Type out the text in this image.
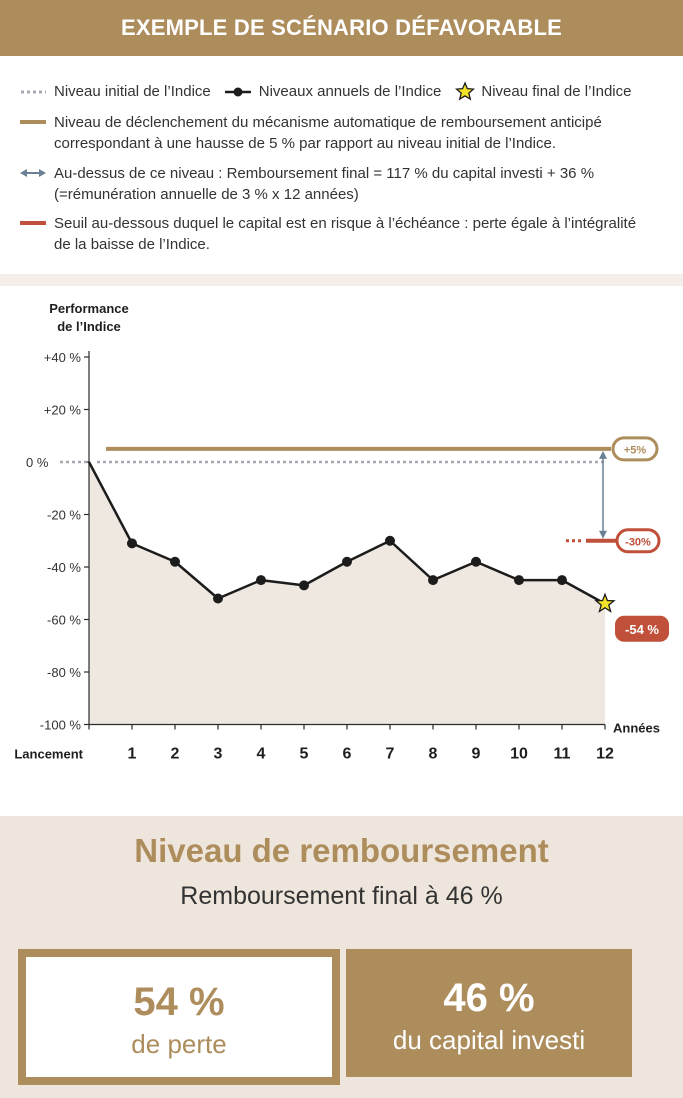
EXEMPLE DE SCÉNARIO DÉFAVORABLE
Niveau initial de l’Indice	Niveaux annuels de l’Indice	Niveau final de l’Indice
Niveau de déclenchement du mécanisme automatique de remboursement anticipé correspondant à une hausse de 5 % par rapport au niveau initial de l’Indice.
Au-dessus de ce niveau : Remboursement final = 117 % du capital investi + 36 % (=rémunération annuelle de 3 % x 12 années)
Seuil au-dessous duquel le capital est en risque à l’échéance : perte égale à l’intégralité de la baisse de l’Indice.
+40 %
+20 %
0 %
-20 %
-40 %
-60 %
-80 %
-100 %
Lancement	1 2 3 4 5 6 7 8 9 10 11 12
Années
Performance
de l’Indice
+5%
-30%
-54 %
Niveau de remboursement
Remboursement final à 46 %
54 %
de perte
46 %
du capital investi
